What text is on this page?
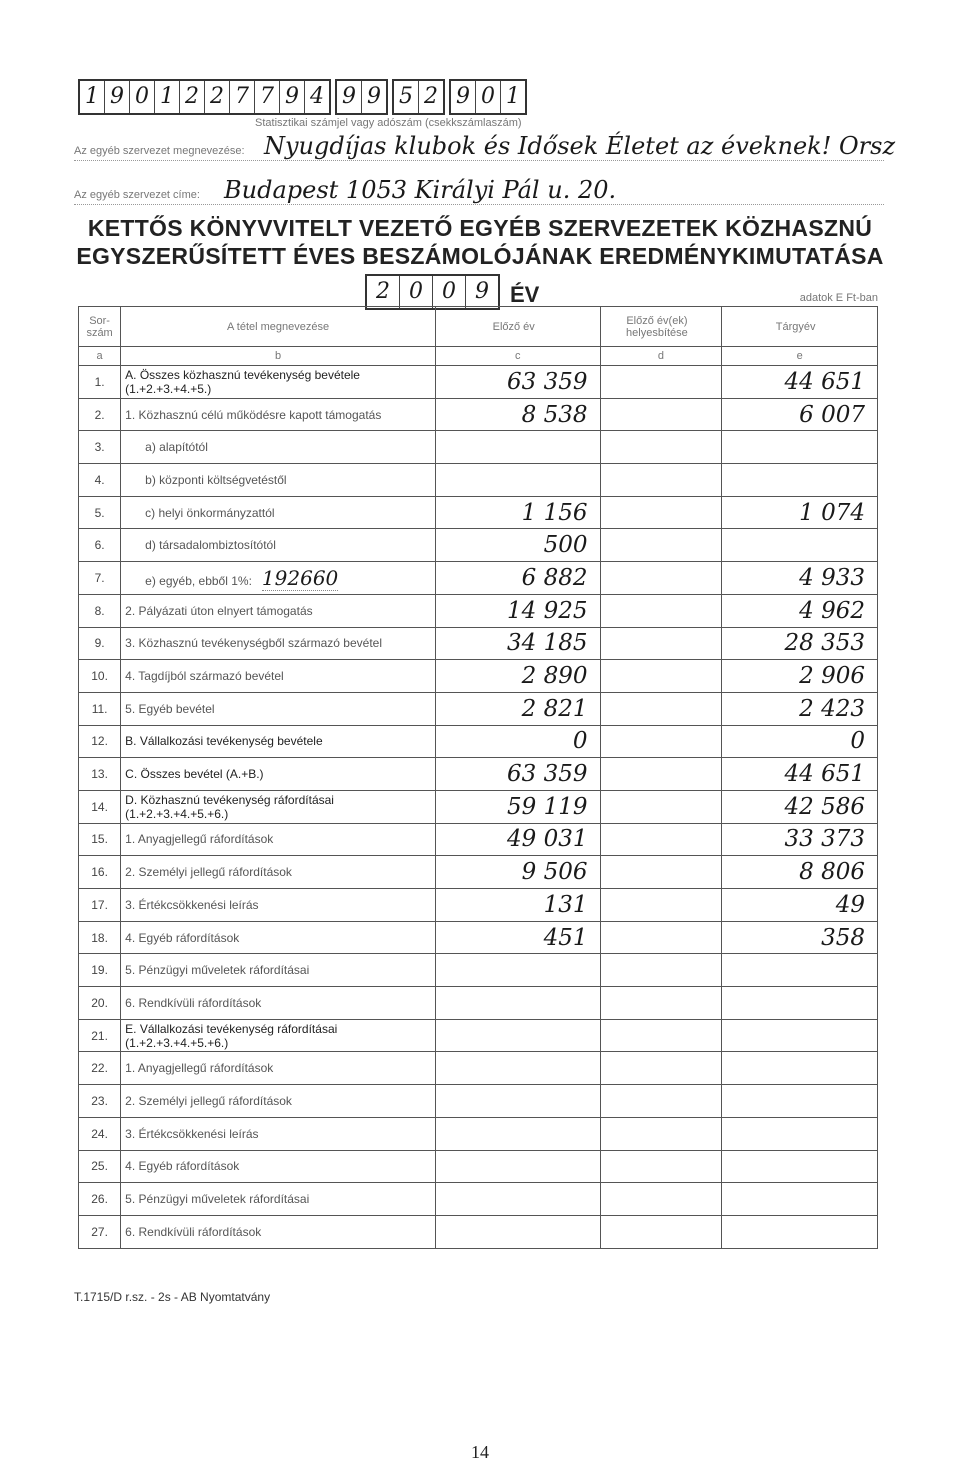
1 9 0 1 2 2 7 7 9 4 9 9 5 2 9 0 1
Statisztikai számjel vagy adószám (csekkszámlaszám)
Az egyéb szervezet megnevezése: Nyugdíjas klubok és Idősek Életet az éveknek! Orsz
Az egyéb szervezet címe: Budapest 1053 Királyi Pál u. 20.
KETTŐS KÖNYVVITELT VEZETŐ EGYÉB SZERVEZETEK KÖZHASZNÚ
EGYSZERŰSÍTETT ÉVES BESZÁMOLÓJÁNAK EREDMÉNYKIMUTATÁSA
2 0 0 9 ÉV	adatok E Ft-ban
Sor-szám	A tétel megnevezése	Előző év	Előző év(ek) helyesbítése	Tárgyév
a	b	c	d	e
1.	A. Összes közhasznú tevékenység bevétele (1.+2.+3.+4.+5.)	63 359		44 651
2.	1. Közhasznú célú működésre kapott támogatás	8 538		6 007
3.	a) alapítótól			
4.	b) központi költségvetéstől			
5.	c) helyi önkormányzattól	1 156		1 074
6.	d) társadalombiztosítótól	500		
7.	e) egyéb, ebből 1%: 192660	6 882		4 933
8.	2. Pályázati úton elnyert támogatás	14 925		4 962
9.	3. Közhasznú tevékenységből származó bevétel	34 185		28 353
10.	4. Tagdíjból származó bevétel	2 890		2 906
11.	5. Egyéb bevétel	2 821		2 423
12.	B. Vállalkozási tevékenység bevétele	0		0
13.	C. Összes bevétel (A.+B.)	63 359		44 651
14.	D. Közhasznú tevékenység ráfordításai (1.+2.+3.+4.+5.+6.)	59 119		42 586
15.	1. Anyagjellegű ráfordítások	49 031		33 373
16.	2. Személyi jellegű ráfordítások	9 506		8 806
17.	3. Értékcsökkenési leírás	131		49
18.	4. Egyéb ráfordítások	451		358
19.	5. Pénzügyi műveletek ráfordításai			
20.	6. Rendkívüli ráfordítások			
21.	E. Vállalkozási tevékenység ráfordításai (1.+2.+3.+4.+5.+6.)			
22.	1. Anyagjellegű ráfordítások			
23.	2. Személyi jellegű ráfordítások			
24.	3. Értékcsökkenési leírás			
25.	4. Egyéb ráfordítások			
26.	5. Pénzügyi műveletek ráfordításai			
27.	6. Rendkívüli ráfordítások			
T.1715/D r.sz. - 2s - AB Nyomtatvány
14
